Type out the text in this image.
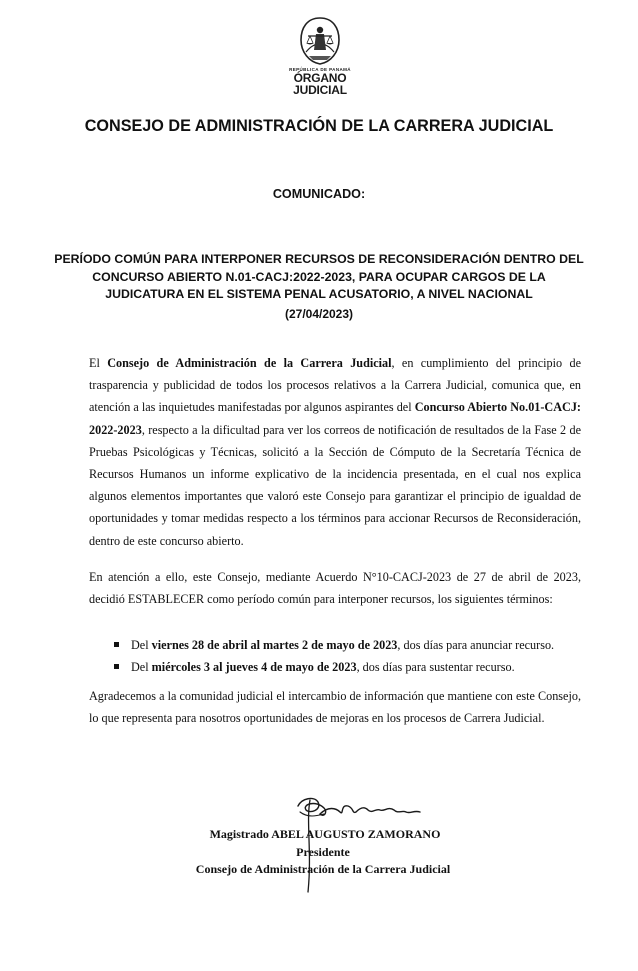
REPÚBLICA DE PANAMÁ
ÓRGANO
JUDICIAL
CONSEJO DE ADMINISTRACIÓN DE LA CARRERA JUDICIAL
COMUNICADO:
PERÍODO COMÚN PARA INTERPONER RECURSOS DE RECONSIDERACIÓN DENTRO DEL CONCURSO ABIERTO N.01-CACJ:2022-2023, PARA OCUPAR CARGOS DE LA JUDICATURA EN EL SISTEMA PENAL ACUSATORIO, A NIVEL NACIONAL
(27/04/2023)
El Consejo de Administración de la Carrera Judicial, en cumplimiento del principio de trasparencia y publicidad de todos los procesos relativos a la Carrera Judicial, comunica que, en atención a las inquietudes manifestadas por algunos aspirantes del Concurso Abierto No.01-CACJ: 2022-2023, respecto a la dificultad para ver los correos de notificación de resultados de la Fase 2 de Pruebas Psicológicas y Técnicas, solicitó a la Sección de Cómputo de la Secretaría Técnica de Recursos Humanos un informe explicativo de la incidencia presentada, en el cual nos explica algunos elementos importantes que valoró este Consejo para garantizar el principio de igualdad de oportunidades y tomar medidas respecto a los términos para accionar Recursos de Reconsideración, dentro de este concurso abierto.
En atención a ello, este Consejo, mediante Acuerdo N°10-CACJ-2023 de 27 de abril de 2023, decidió ESTABLECER como período común para interponer recursos, los siguientes términos:
Del viernes 28 de abril al martes 2 de mayo de 2023, dos días para anunciar recurso.
Del miércoles 3 al jueves 4 de mayo de 2023, dos días para sustentar recurso.
Agradecemos a la comunidad judicial el intercambio de información que mantiene con este Consejo, lo que representa para nosotros oportunidades de mejoras en los procesos de Carrera Judicial.
Magistrado ABEL AUGUSTO ZAMORANO
Presidente
Consejo de Administración de la Carrera Judicial
